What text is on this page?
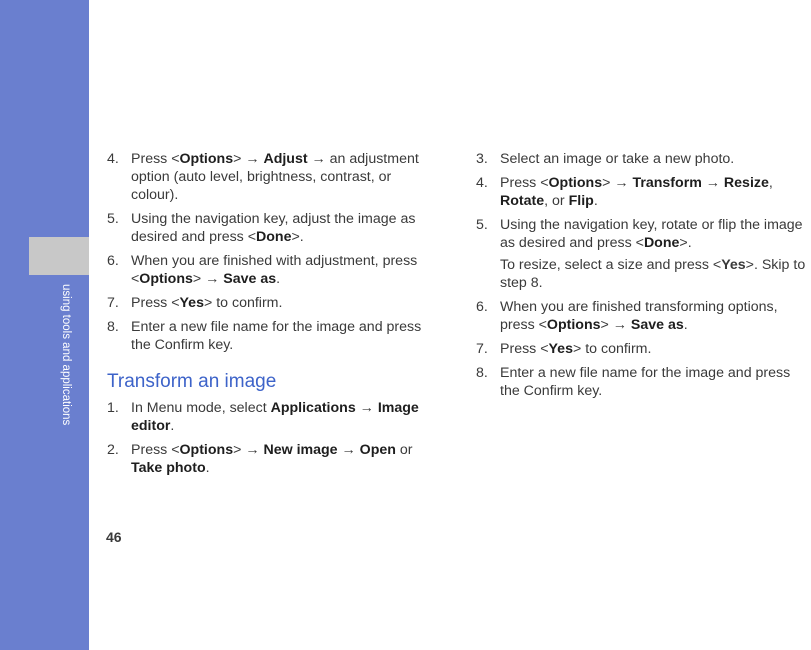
using tools and applications
4. Press <Options> → Adjust → an adjustment option (auto level, brightness, contrast, or colour).
5. Using the navigation key, adjust the image as desired and press <Done>.
6. When you are finished with adjustment, press <Options> → Save as.
7. Press <Yes> to confirm.
8. Enter a new file name for the image and press the Confirm key.
Transform an image
1. In Menu mode, select Applications → Image editor.
2. Press <Options> → New image → Open or Take photo.
3. Select an image or take a new photo.
4. Press <Options> → Transform → Resize, Rotate, or Flip.
5. Using the navigation key, rotate or flip the image as desired and press <Done>.
To resize, select a size and press <Yes>. Skip to step 8.
6. When you are finished transforming options, press <Options> → Save as.
7. Press <Yes> to confirm.
8. Enter a new file name for the image and press the Confirm key.
46
